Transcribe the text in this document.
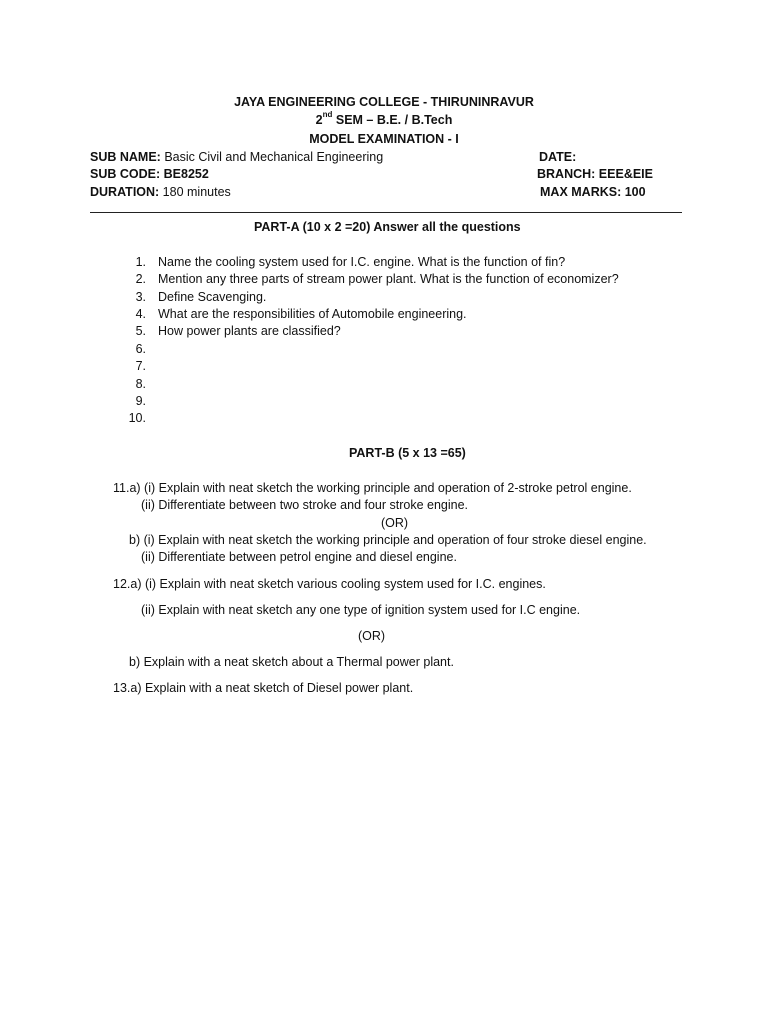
JAYA ENGINEERING COLLEGE - THIRUNINRAVUR
2nd SEM – B.E. / B.Tech
MODEL EXAMINATION - I
SUB NAME: Basic Civil and Mechanical Engineering	DATE:
SUB CODE: BE8252	BRANCH: EEE&EIE
DURATION: 180 minutes	MAX MARKS: 100
PART-A (10 x 2 =20) Answer all the questions
1. Name the cooling system used for I.C. engine. What is the function of fin?
2. Mention any three parts of stream power plant. What is the function of economizer?
3. Define Scavenging.
4. What are the responsibilities of Automobile engineering.
5. How power plants are classified?
6.
7.
8.
9.
10.
PART-B (5 x 13 =65)
11.a) (i) Explain with neat sketch the working principle and operation of 2-stroke petrol engine.
(ii) Differentiate between two stroke and four stroke engine.
(OR)
b) (i) Explain with neat sketch the working principle and operation of four stroke diesel engine.
(ii) Differentiate between petrol engine and diesel engine.
12.a) (i) Explain with neat sketch various cooling system used for I.C. engines.
(ii) Explain with neat sketch any one type of ignition system used for I.C engine.
(OR)
b) Explain with a neat sketch about a Thermal power plant.
13.a) Explain with a neat sketch of Diesel power plant.
